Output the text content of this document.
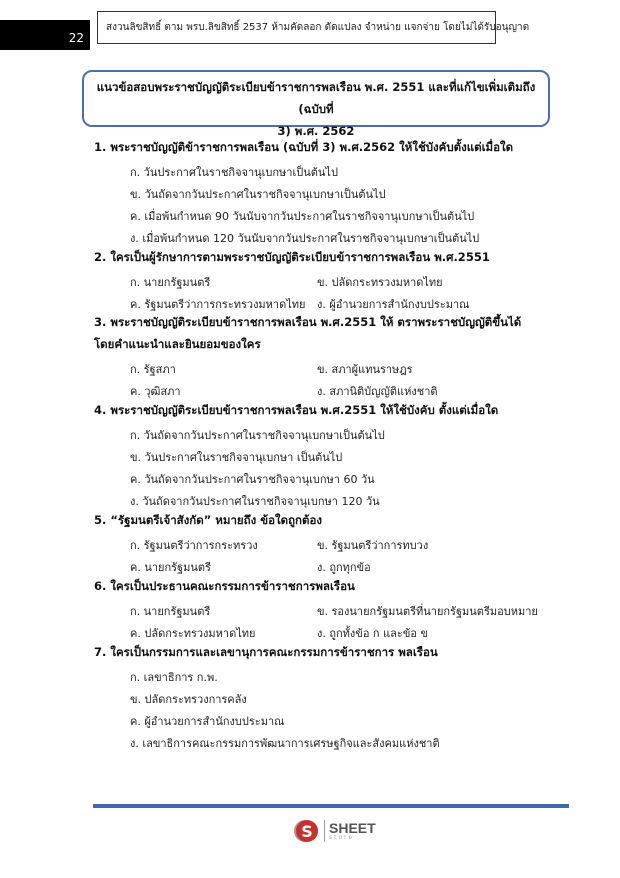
22
สงวนลิขสิทธิ์ ตาม พรบ.ลิขสิทธิ์ 2537 ห้ามคัดลอก ดัดแปลง จำหน่าย แจกจ่าย โดยไม่ได้รับอนุญาต
แนวข้อสอบพระราชบัญญัติระเบียบข้าราชการพลเรือน พ.ศ. 2551 และที่แก้ไขเพิ่มเติมถึง (ฉบับที่
3) พ.ศ. 2562
1. พระราชบัญญัติข้าราชการพลเรือน (ฉบับที่ 3) พ.ศ.2562 ให้ใช้บังคับตั้งแต่เมื่อใด
ก. วันประกาศในราชกิจจานุเบกษาเป็นต้นไป
ข. วันถัดจากวันประกาศในราชกิจจานุเบกษาเป็นต้นไป
ค. เมื่อพ้นกำหนด 90 วันนับจากวันประกาศในราชกิจจานุเบกษาเป็นต้นไป
ง. เมื่อพ้นกำหนด 120 วันนับจากวันประกาศในราชกิจจานุเบกษาเป็นต้นไป
2. ใครเป็นผู้รักษาการตามพระราชบัญญัติระเบียบข้าราชการพลเรือน พ.ศ.2551
ก. นายกรัฐมนตรี	ข. ปลัดกระทรวงมหาดไทย
ค. รัฐมนตรีว่าการกระทรวงมหาดไทย ง. ผู้อำนวยการสำนักงบประมาณ
3. พระราชบัญญัติระเบียบข้าราชการพลเรือน พ.ศ.2551 ให้ ตราพระราชบัญญัติขึ้นได้โดยคำแนะนำและยินยอมของใคร
ก. รัฐสภา	ข. สภาผู้แทนราษฎร
ค. วุฒิสภา	ง. สภานิติบัญญัติแห่งชาติ
4. พระราชบัญญัติระเบียบข้าราชการพลเรือน พ.ศ.2551 ให้ใช้บังคับ ตั้งแต่เมื่อใด
ก. วันถัดจากวันประกาศในราชกิจจานุเบกษาเป็นต้นไป
ข. วันประกาศในราชกิจจานุเบกษา เป็นต้นไป
ค. วันถัดจากวันประกาศในราชกิจจานุเบกษา 60 วัน
ง. วันถัดจากวันประกาศในราชกิจจานุเบกษา 120 วัน
5. “รัฐมนตรีเจ้าสังกัด” หมายถึง ข้อใดถูกต้อง
ก. รัฐมนตรีว่าการกระทรวง	ข. รัฐมนตรีว่าการทบวง
ค. นายกรัฐมนตรี	ง. ถูกทุกข้อ
6. ใครเป็นประธานคณะกรรมการข้าราชการพลเรือน
ก. นายกรัฐมนตรี	ข. รองนายกรัฐมนตรีที่นายกรัฐมนตรีมอบหมาย
ค. ปลัดกระทรวงมหาดไทย	ง. ถูกทั้งข้อ ก และข้อ ข
7. ใครเป็นกรรมการและเลขานุการคณะกรรมการข้าราชการ พลเรือน
ก. เลขาธิการ ก.พ.
ข. ปลัดกระทรวงการคลัง
ค. ผู้อำนวยการสำนักงบประมาณ
ง. เลขาธิการคณะกรรมการพัฒนาการเศรษฐกิจและสังคมแห่งชาติ
S	SHEET
store
